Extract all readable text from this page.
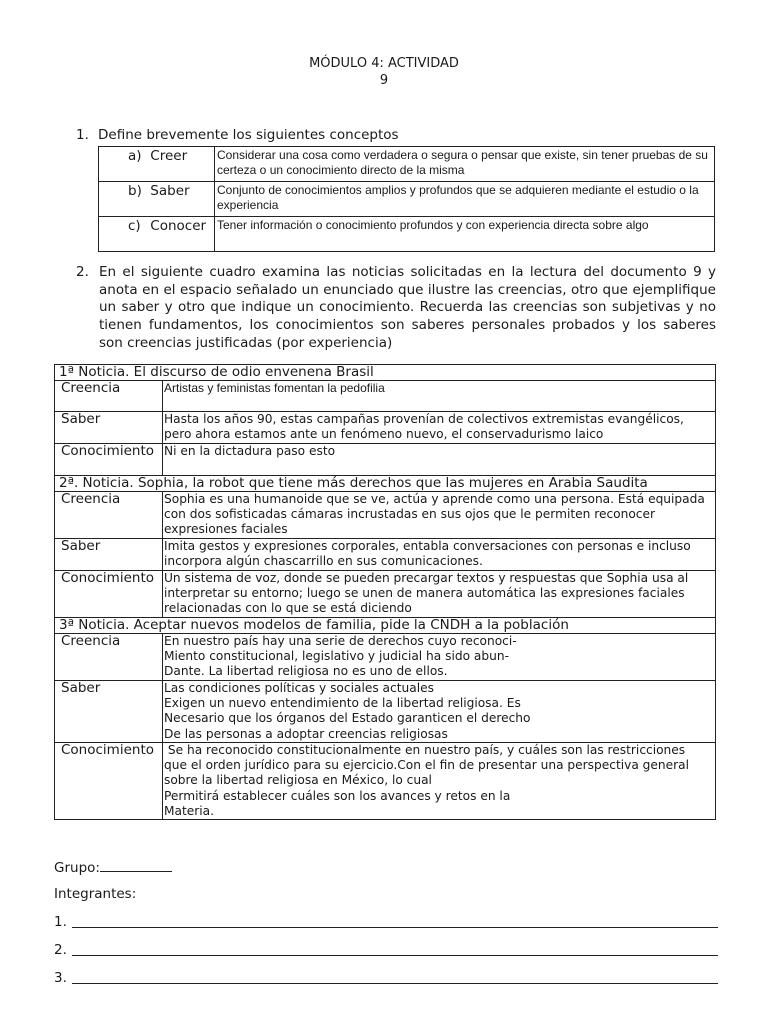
MÓDULO 4: ACTIVIDAD
9
1. Define brevemente los siguientes conceptos
a) Creer	Considerar una cosa como verdadera o segura o pensar que existe, sin tener pruebas de su certeza o un conocimiento directo de la misma
b) Saber	Conjunto de conocimientos amplios y profundos que se adquieren mediante el estudio o la experiencia
c) Conocer	Tener información o conocimiento profundos y con experiencia directa sobre algo
2. En el siguiente cuadro examina las noticias solicitadas en la lectura del documento 9 y anota en el espacio señalado un enunciado que ilustre las creencias, otro que ejemplifique un saber y otro que indique un conocimiento. Recuerda las creencias son subjetivas y no tienen fundamentos, los conocimientos son saberes personales probados y los saberes son creencias justificadas (por experiencia)
1ª Noticia. El discurso de odio envenena Brasil	
Creencia	Artistas y feministas fomentan la pedofilia
Saber	Hasta los años 90, estas campañas provenían de colectivos extremistas evangélicos, pero ahora estamos ante un fenómeno nuevo, el conservadurismo laico
Conocimiento	Ni en la dictadura paso esto
2ª. Noticia. Sophia, la robot que tiene más derechos que las mujeres en Arabia Saudita	
Creencia	Sophia es una humanoide que se ve, actúa y aprende como una persona. Está equipada con dos sofisticadas cámaras incrustadas en sus ojos que le permiten reconocer expresiones faciales
Saber	Imita gestos y expresiones corporales, entabla conversaciones con personas e incluso incorpora algún chascarrillo en sus comunicaciones.
Conocimiento	Un sistema de voz, donde se pueden precargar textos y respuestas que Sophia usa al interpretar su entorno; luego se unen de manera automática las expresiones faciales relacionadas con lo que se está diciendo
3ª Noticia. Aceptar nuevos modelos de familia, pide la CNDH a la población	
Creencia	En nuestro país hay una serie de derechos cuyo reconoci-
Miento constitucional, legislativo y judicial ha sido abun-
Dante. La libertad religiosa no es uno de ellos.

Saber	Las condiciones políticas y sociales actuales
Exigen un nuevo entendimiento de la libertad religiosa. Es
Necesario que los órganos del Estado garanticen el derecho
De las personas a adoptar creencias religiosas

Conocimiento	Se ha reconocido constitucionalmente en nuestro país, y cuáles son las restricciones
que el orden jurídico para su ejercicio.Con el fin de presentar una perspectiva general
sobre la libertad religiosa en México, lo cual
Permitirá establecer cuáles son los avances y retos en la
Materia.
Grupo:
Integrantes:
1.
2.
3.
